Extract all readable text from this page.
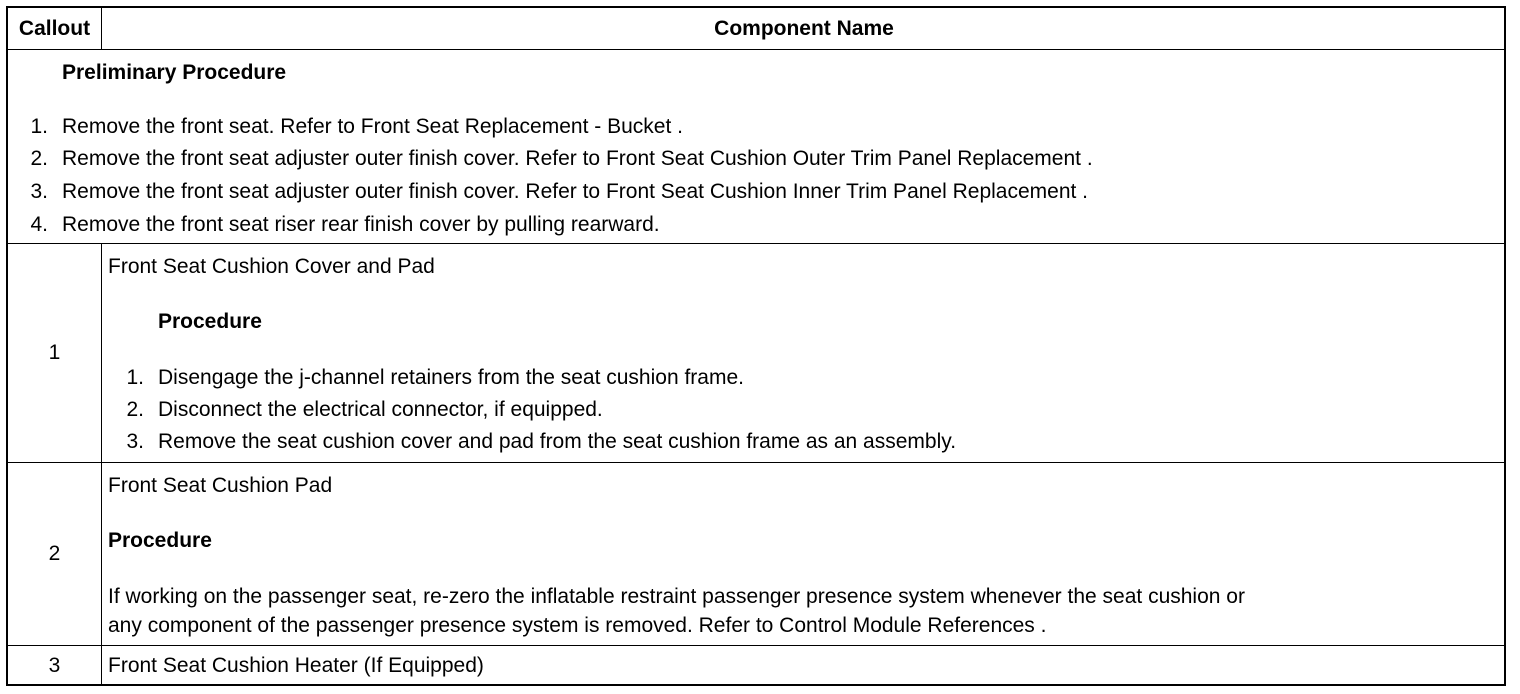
Callout	Component Name
Preliminary Procedure
1. Remove the front seat. Refer to Front Seat Replacement - Bucket .
2. Remove the front seat adjuster outer finish cover. Refer to Front Seat Cushion Outer Trim Panel Replacement .
3. Remove the front seat adjuster outer finish cover. Refer to Front Seat Cushion Inner Trim Panel Replacement .
4. Remove the front seat riser rear finish cover by pulling rearward.
1
Front Seat Cushion Cover and Pad
Procedure
1. Disengage the j-channel retainers from the seat cushion frame.
2. Disconnect the electrical connector, if equipped.
3. Remove the seat cushion cover and pad from the seat cushion frame as an assembly.
2
Front Seat Cushion Pad
Procedure
If working on the passenger seat, re-zero the inflatable restraint passenger presence system whenever the seat cushion or
any component of the passenger presence system is removed. Refer to Control Module References .
3	Front Seat Cushion Heater (If Equipped)
